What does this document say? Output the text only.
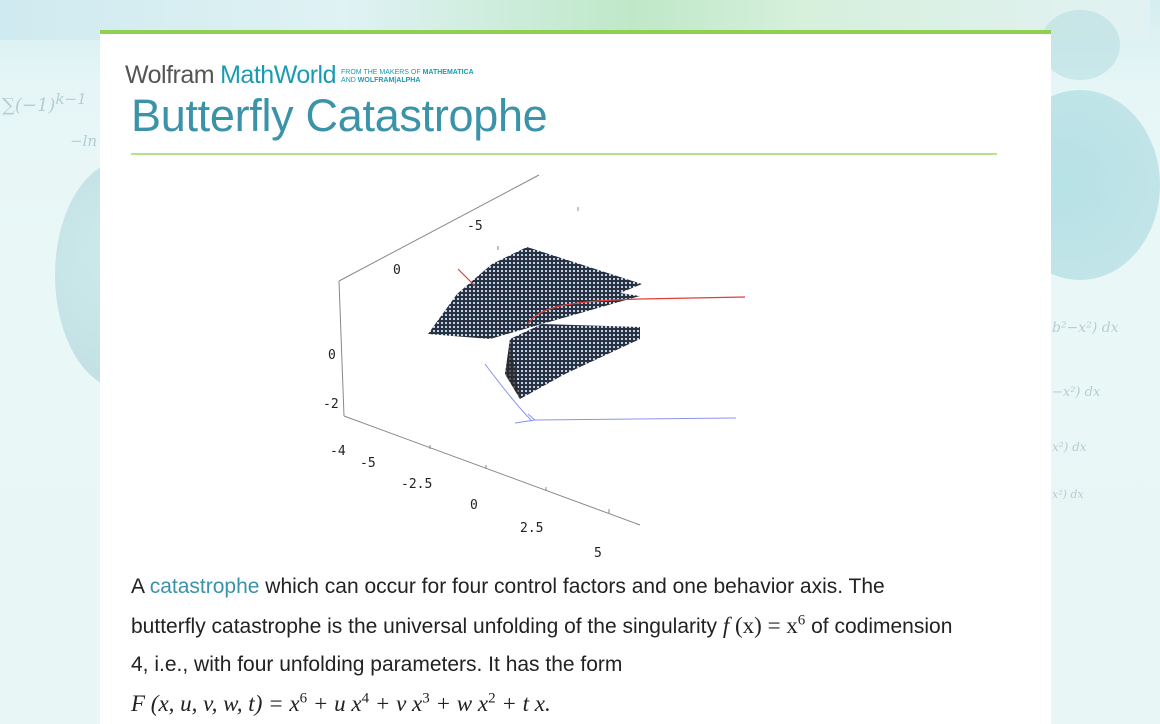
$\sum(-1)^{k-1}$
−ln
b²−x²) dx
−x²) dx
x²) dx
x²) dx
Wolfram MathWorld FROM THE MAKERS OF MATHEMATICA
AND WOLFRAM|ALPHA
Butterfly Catastrophe
-5
0
0
-2
-4
-5
-2.5
0
2.5
5
A catastrophe which can occur for four control factors and one behavior axis. The butterfly catastrophe is the universal unfolding of the singularity f $(x) = x^6$ of codimension 4, i.e., with four unfolding parameters. It has the form
F (x, u, v, w, $t) = x^6 + u$ $x^4 + v$ $x^3 + w$ $x^2 + t$ x.
